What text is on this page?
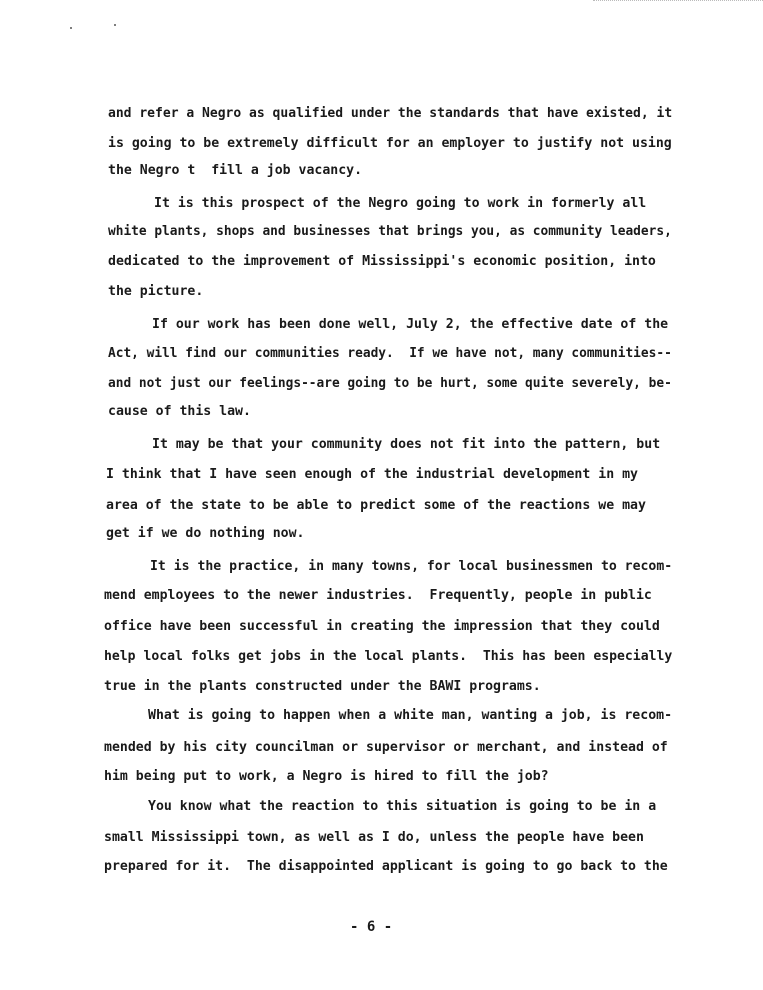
and refer a Negro as qualified under the standards that have existed, it
is going to be extremely difficult for an employer to justify not using
the Negro t  fill a job vacancy.
It is this prospect of the Negro going to work in formerly all
white plants, shops and businesses that brings you, as community leaders,
dedicated to the improvement of Mississippi's economic position, into
the picture.
If our work has been done well, July 2, the effective date of the
Act, will find our communities ready.  If we have not, many communities--
and not just our feelings--are going to be hurt, some quite severely, be-
cause of this law.
It may be that your community does not fit into the pattern, but
I think that I have seen enough of the industrial development in my
area of the state to be able to predict some of the reactions we may
get if we do nothing now.
It is the practice, in many towns, for local businessmen to recom-
mend employees to the newer industries.  Frequently, people in public
office have been successful in creating the impression that they could
help local folks get jobs in the local plants.  This has been especially
true in the plants constructed under the BAWI programs.
What is going to happen when a white man, wanting a job, is recom-
mended by his city councilman or supervisor or merchant, and instead of
him being put to work, a Negro is hired to fill the job?
You know what the reaction to this situation is going to be in a
small Mississippi town, as well as I do, unless the people have been
prepared for it.  The disappointed applicant is going to go back to the
- 6 -
